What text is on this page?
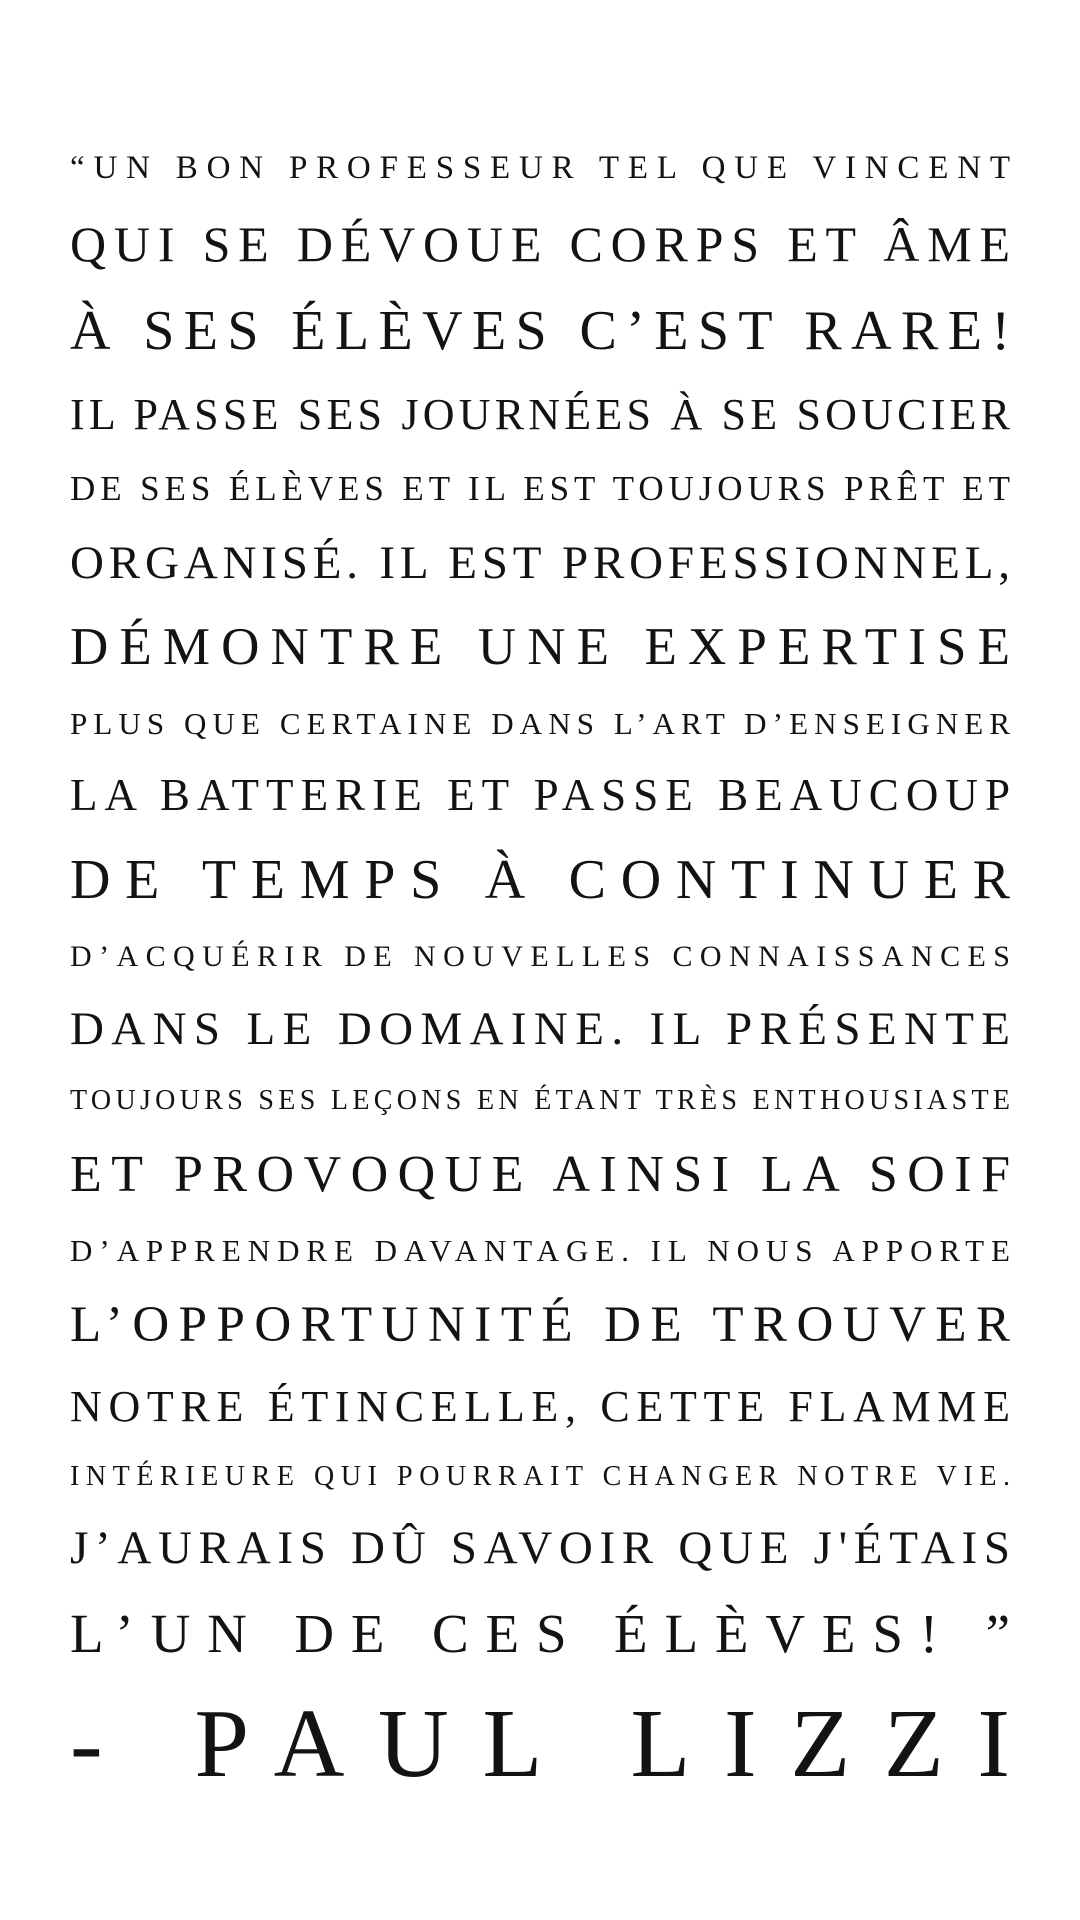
“UN BON PROFESSEUR TEL QUE VINCENT
QUI SE DÉVOUE CORPS ET ÂME
À SES ÉLÈVES C’EST RARE!
IL PASSE SES JOURNÉES À SE SOUCIER
DE SES ÉLÈVES ET IL EST TOUJOURS PRÊT ET
ORGANISÉ. IL EST PROFESSIONNEL,
DÉMONTRE UNE EXPERTISE
PLUS QUE CERTAINE DANS L’ART D’ENSEIGNER
LA BATTERIE ET PASSE BEAUCOUP
DE TEMPS À CONTINUER
D’ACQUÉRIR DE NOUVELLES CONNAISSANCES
DANS LE DOMAINE. IL PRÉSENTE
TOUJOURS SES LEÇONS EN ÉTANT TRÈS ENTHOUSIASTE
ET PROVOQUE AINSI LA SOIF
D’APPRENDRE DAVANTAGE. IL NOUS APPORTE
L’OPPORTUNITÉ DE TROUVER
NOTRE ÉTINCELLE, CETTE FLAMME
INTÉRIEURE QUI POURRAIT CHANGER NOTRE VIE.
J’AURAIS DÛ SAVOIR QUE J'ÉTAIS
L’UN DE CES ÉLÈVES! ”
- PAUL LIZZI
